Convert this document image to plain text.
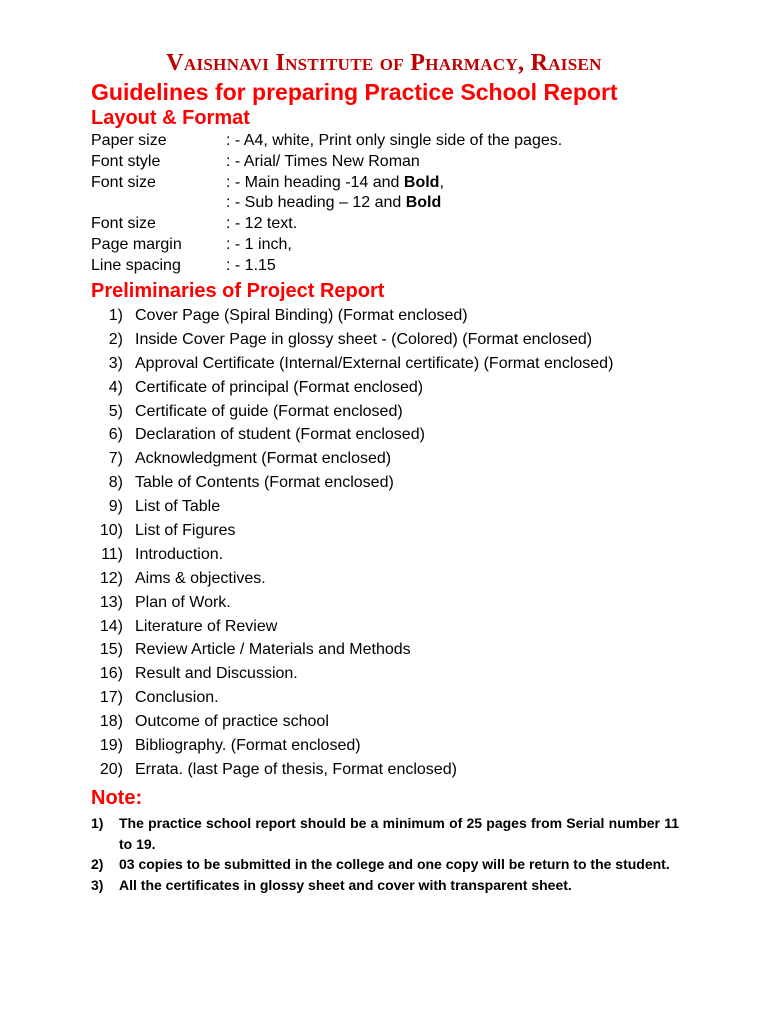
Vaishnavi Institute of Pharmacy, Raisen
Guidelines for preparing Practice School Report
Layout & Format
Paper size	: - A4, white, Print only single side of the pages.
Font style	: - Arial/ Times New Roman
Font size	: - Main heading -14 and Bold,
: - Sub heading – 12 and Bold
Font size	: - 12 text.
Page margin	: - 1 inch,
Line spacing	: - 1.15
Preliminaries of Project Report
1) Cover Page (Spiral Binding) (Format enclosed)
2) Inside Cover Page in glossy sheet - (Colored) (Format enclosed)
3) Approval Certificate (Internal/External certificate) (Format enclosed)
4) Certificate of principal (Format enclosed)
5) Certificate of guide (Format enclosed)
6) Declaration of student (Format enclosed)
7) Acknowledgment (Format enclosed)
8) Table of Contents (Format enclosed)
9) List of Table
10) List of Figures
11) Introduction.
12) Aims & objectives.
13) Plan of Work.
14) Literature of Review
15) Review Article / Materials and Methods
16) Result and Discussion.
17) Conclusion.
18) Outcome of practice school
19) Bibliography. (Format enclosed)
20) Errata. (last Page of thesis, Format enclosed)
Note:
1)	The practice school report should be a minimum of 25 pages from Serial number 11 to 19.
2)	03 copies to be submitted in the college and one copy will be return to the student.
3)	All the certificates in glossy sheet and cover with transparent sheet.
